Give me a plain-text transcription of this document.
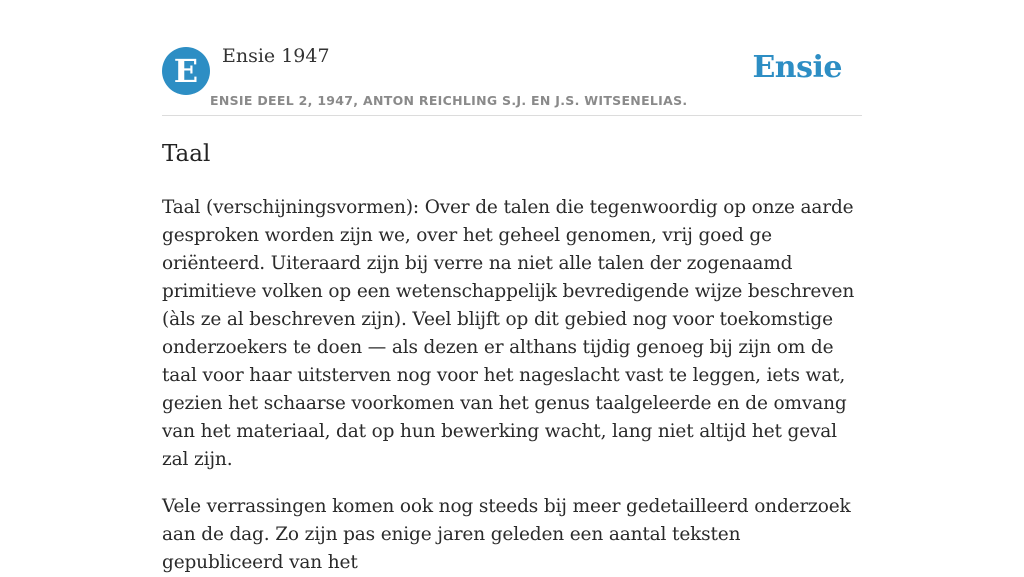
E	Ensie 1947
ENSIE DEEL 2, 1947, ANTON REICHLING S.J. EN J.S. WITSENELIAS.
Ensie
Taal

Taal (verschijningsvormen): Over de talen die tegenwoordig op onze aarde gesproken worden zijn we, over het geheel genomen, vrij goed ge oriënteerd. Uiteraard zijn bij verre na niet alle talen der zogenaamd primitieve volken op een wetenschappelijk bevredigende wijze beschreven (àls ze al beschreven zijn). Veel blijft op dit gebied nog voor toekomstige onderzoekers te doen — als dezen er althans tijdig genoeg bij zijn om de taal voor haar uitsterven nog voor het nageslacht vast te leggen, iets wat, gezien het schaarse voorkomen van het genus taalgeleerde en de omvang van het materiaal, dat op hun bewerking wacht, lang niet altijd het geval zal zijn.

Vele verrassingen komen ook nog steeds bij meer gedetailleerd onderzoek aan de dag. Zo zijn pas enige jaren geleden een aantal teksten gepubliceerd van het
